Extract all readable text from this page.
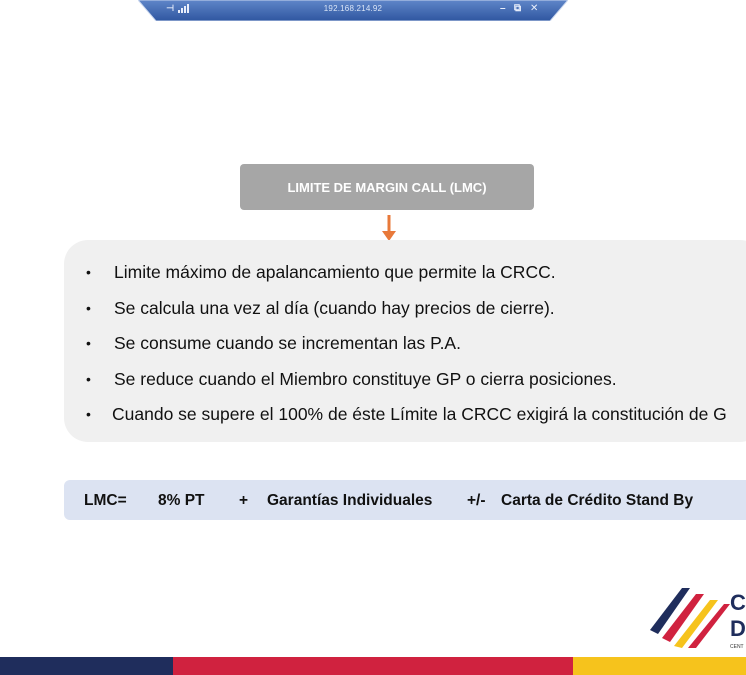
⊣	192.168.214.92	– ⧉ ✕
LIMITE DE MARGIN CALL (LMC)
• Limite máximo de apalancamiento que permite la CRCC.
• Se calcula una vez al día (cuando hay precios de cierre).
• Se consume cuando se incrementan las P.A.
• Se reduce cuando el Miembro constituye GP o cierra posiciones.
• Cuando se supere el 100% de éste Límite la CRCC exigirá la constitución de G
LMC= 8% PT + Garantías Individuales +/- Carta de Crédito Stand By
C
D
CENT
